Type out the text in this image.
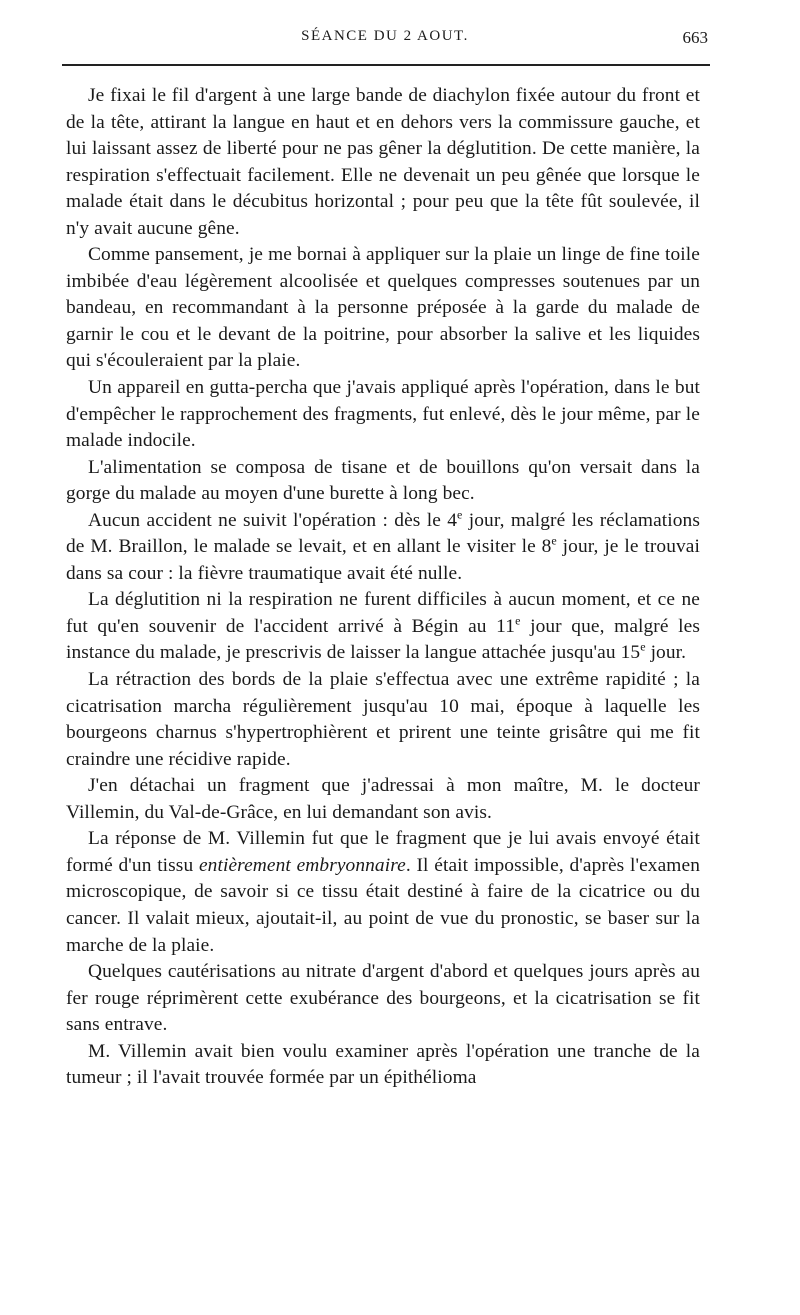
SÉANCE DU 2 AOUT.	663

Je fixai le fil d'argent à une large bande de diachylon fixée autour du front et de la tête, attirant la langue en haut et en dehors vers la commissure gauche, et lui laissant assez de liberté pour ne pas gêner la déglutition. De cette manière, la respiration s'effectuait facilement. Elle ne devenait un peu gênée que lorsque le malade était dans le décubitus horizontal ; pour peu que la tête fût soulevée, il n'y avait aucune gêne.

Comme pansement, je me bornai à appliquer sur la plaie un linge de fine toile imbibée d'eau légèrement alcoolisée et quelques compresses soutenues par un bandeau, en recommandant à la personne préposée à la garde du malade de garnir le cou et le devant de la poitrine, pour absorber la salive et les liquides qui s'écouleraient par la plaie.

Un appareil en gutta-percha que j'avais appliqué après l'opération, dans le but d'empêcher le rapprochement des fragments, fut enlevé, dès le jour même, par le malade indocile.

L'alimentation se composa de tisane et de bouillons qu'on versait dans la gorge du malade au moyen d'une burette à long bec.

Aucun accident ne suivit l'opération : dès le 4e jour, malgré les réclamations de M. Braillon, le malade se levait, et en allant le visiter le 8e jour, je le trouvai dans sa cour : la fièvre traumatique avait été nulle.

La déglutition ni la respiration ne furent difficiles à aucun moment, et ce ne fut qu'en souvenir de l'accident arrivé à Bégin au 11e jour que, malgré les instance du malade, je prescrivis de laisser la langue attachée jusqu'au 15e jour.

La rétraction des bords de la plaie s'effectua avec une extrême rapidité ; la cicatrisation marcha régulièrement jusqu'au 10 mai, époque à laquelle les bourgeons charnus s'hypertrophièrent et prirent une teinte grisâtre qui me fit craindre une récidive rapide.

J'en détachai un fragment que j'adressai à mon maître, M. le docteur Villemin, du Val-de-Grâce, en lui demandant son avis.

La réponse de M. Villemin fut que le fragment que je lui avais envoyé était formé d'un tissu entièrement embryonnaire. Il était impossible, d'après l'examen microscopique, de savoir si ce tissu était destiné à faire de la cicatrice ou du cancer. Il valait mieux, ajoutait-il, au point de vue du pronostic, se baser sur la marche de la plaie.

Quelques cautérisations au nitrate d'argent d'abord et quelques jours après au fer rouge réprimèrent cette exubérance des bourgeons, et la cicatrisation se fit sans entrave.

M. Villemin avait bien voulu examiner après l'opération une tranche de la tumeur ; il l'avait trouvée formée par un épithélioma
